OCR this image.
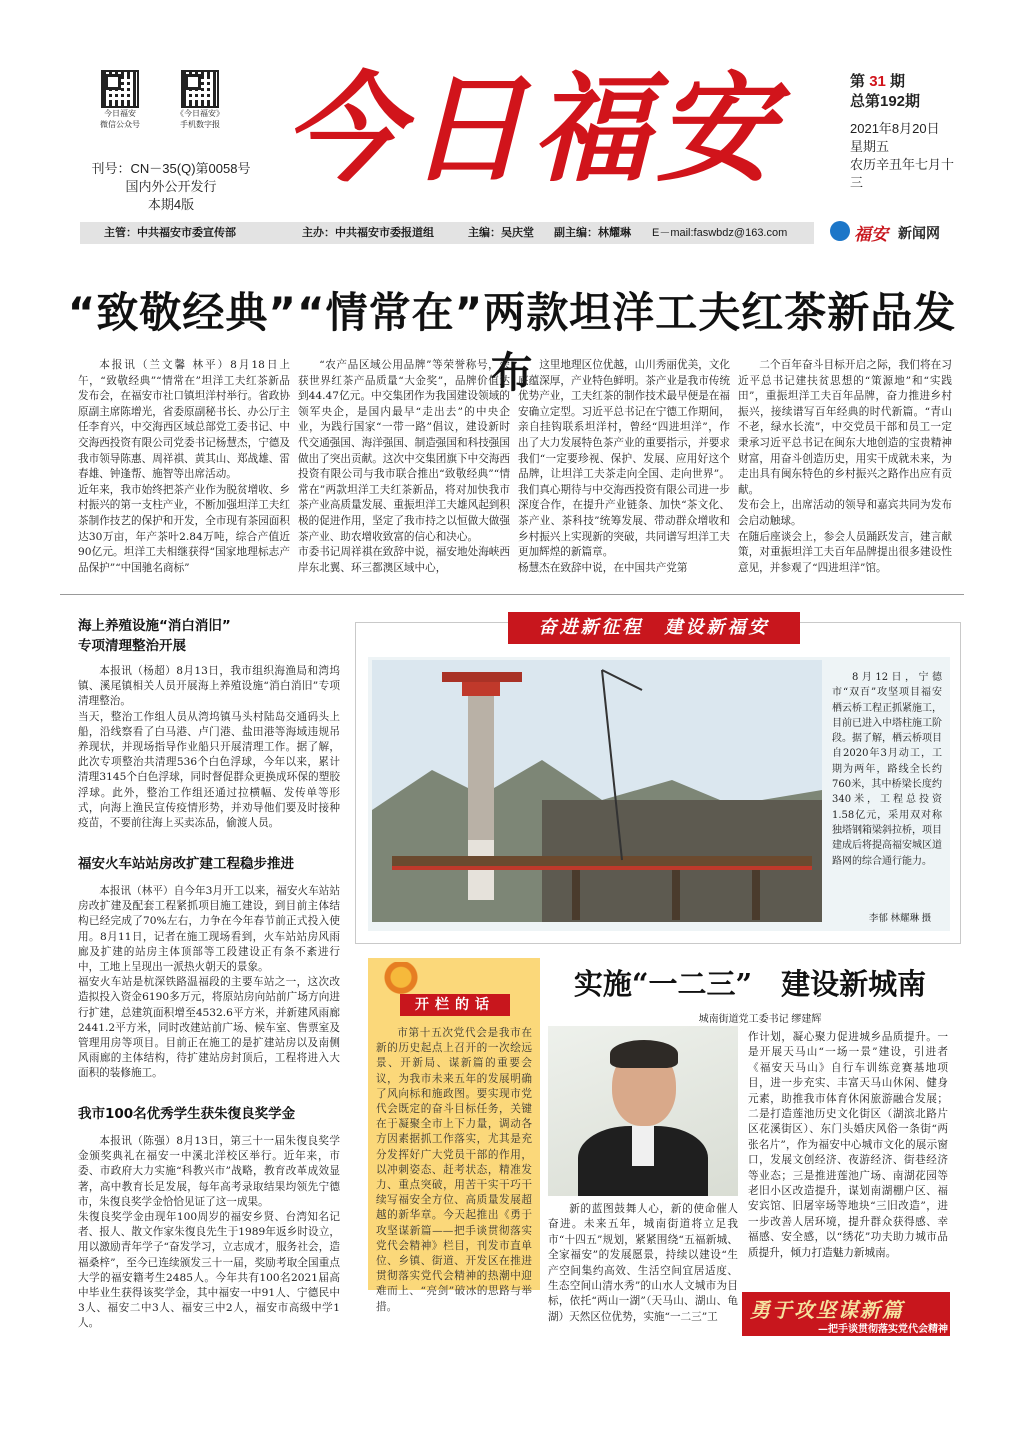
今日福安
微信公众号
《今日福安》
手机数字报
刊号：CN－35(Q)第0058号
国内外公开发行
本期4版
今日福安	第 31 期
总第192期
2021年8月20日
星期五
农历辛丑年七月十三
主管：中共福安市委宣传部	主办：中共福安市委报道组	主编：吴庆堂 副主编：林耀琳 E－mail:faswbdz@163.com	福安 新闻网
“致敬经典”“情常在”两款坦洋工夫红茶新品发布
本报讯（兰文馨 林平）8月18日上午，“致敬经典”“情常在”坦洋工夫红茶新品发布会，在福安市社口镇坦洋村举行。省政协原副主席陈增光，省委原副秘书长、办公厅主任李育兴，中交海西区域总部党工委书记、中交海西投资有限公司党委书记杨慧杰，宁德及我市领导陈惠、周祥祺、黄其山、郑战雄、雷春雄、钟逢帮、施智等出席活动。
近年来，我市始终把茶产业作为脱贫增收、乡村振兴的第一支柱产业，不断加强坦洋工夫红茶制作技艺的保护和开发，全市现有茶园面积达30万亩，年产茶叶2.84万吨，综合产值近90亿元。坦洋工夫相继获得“国家地理标志产品保护”“中国驰名商标”
“农产品区域公用品牌”等荣誉称号，荣获世界红茶产品质量“大金奖”，品牌价值达到44.47亿元。中交集团作为我国建设领域的领军央企，是国内最早“走出去”的中央企业，为践行国家“一带一路”倡议，建设新时代交通强国、海洋强国、制造强国和科技强国做出了突出贡献。这次中交集团旗下中交海西投资有限公司与我市联合推出“致敬经典”“情常在”两款坦洋工夫红茶新品，将对加快我市茶产业高质量发展、重振坦洋工夫雄风起到积极的促进作用，坚定了我市持之以恒做大做强茶产业、助农增收致富的信心和决心。
市委书记周祥祺在致辞中说，福安地处海峡西岸东北翼、环三都澳区域中心，
这里地理区位优越，山川秀丽优美，文化底蕴深厚，产业特色鲜明。茶产业是我市传统优势产业，工夫红茶的制作技术最早便是在福安确立定型。习近平总书记在宁德工作期间，亲自挂钩联系坦洋村，曾经“四进坦洋”，作出了大力发展特色茶产业的重要指示，并要求我们“一定要珍视、保护、发展、应用好这个品牌，让坦洋工夫茶走向全国、走向世界”。我们真心期待与中交海西投资有限公司进一步深度合作，在提升产业链条、加快“茶文化、茶产业、茶科技”统筹发展、带动群众增收和乡村振兴上实现新的突破，共同谱写坦洋工夫更加辉煌的新篇章。
杨慧杰在致辞中说，在中国共产党第
二个百年奋斗目标开启之际，我们将在习近平总书记建扶贫思想的“策源地”和“实践田”，重振坦洋工夫百年品牌，奋力推进乡村振兴，接续谱写百年经典的时代新篇。“青山不老，绿水长流”，中交党员干部和员工一定秉承习近平总书记在闽东大地创造的宝贵精神财富，用奋斗创造历史，用实干成就未来，为走出具有闽东特色的乡村振兴之路作出应有贡献。
发布会上，出席活动的领导和嘉宾共同为发布会启动触球。
在随后座谈会上，参会人员踊跃发言，建言献策，对重振坦洋工夫百年品牌提出很多建设性意见，并参观了“四进坦洋”馆。
海上养殖设施“消白消旧”
专项清理整治开展
本报讯（杨超）8月13日，我市组织海渔局和湾坞镇、溪尾镇相关人员开展海上养殖设施“消白消旧”专项清理整治。
当天，整治工作组人员从湾坞镇马头村陆岛交通码头上船，沿线察看了白马港、卢门港、盐田港等海域违规吊养现状，并现场指导作业船只开展清理工作。据了解，此次专项整治共清理536个白色浮球，今年以来，累计清理3145个白色浮球，同时督促群众更换成环保的塑胶浮球。此外，整治工作组还通过拉横幅、发传单等形式，向海上渔民宣传疫情形势，并劝导他们要及时接种疫苗，不要前往海上买卖冻品，偷渡人员。
福安火车站站房改扩建工程稳步推进
本报讯（林平）自今年3月开工以来，福安火车站站房改扩建及配套工程紧抓项目施工建设，到目前主体结构已经完成了70%左右，力争在今年春节前正式投入使用。8月11日，记者在施工现场看到，火车站站房风雨廊及扩建的站房主体顶部等工段建设正有条不紊进行中，工地上呈现出一派热火朝天的景象。
福安火车站是杭深铁路温福段的主要车站之一，这次改造拟投入资金6190多万元，将原站房向站前广场方向进行扩建，总建筑面积增至4532.6平方米，并新建风雨廊2441.2平方米，同时改建站前广场、候车室、售票室及管理用房等项目。目前正在施工的是扩建站房以及南侧风雨廊的主体结构，待扩建站房封顶后，工程将进入大面积的装修施工。
我市100名优秀学生获朱復良奖学金
本报讯（陈强）8月13日，第三十一届朱復良奖学金颁奖典礼在福安一中溪北洋校区举行。近年来，市委、市政府大力实施“科教兴市”战略，教育改革成效显著，高中教育长足发展，每年高考录取结果均领先宁德市，朱復良奖学金恰恰见证了这一成果。
朱復良奖学金由现年100周岁的福安乡贤、台湾知名记者、报人、散文作家朱復良先生于1989年返乡时设立，用以激励青年学子“奋发学习，立志成才，服务社会，造福桑梓”，至今已连续颁发三十一届，奖励考取全国重点大学的福安籍考生2485人。今年共有100名2021届高中毕业生获得该奖学金，其中福安一中91人、宁德民中3人、福安二中3人、福安三中2人，福安市高级中学1人。
奋进新征程　建设新福安
8月12日，宁德市“双百”攻坚项目福安栖云桥工程正抓紧施工，目前已进入中塔柱施工阶段。据了解，栖云桥项目自2020年3月动工，工期为两年，路线全长约760米，其中桥梁长度约340米，工程总投资1.58亿元，采用双对称独塔钢箱梁斜拉桥，项目建成后将提高福安城区道路网的综合通行能力。
李郁 林耀琳 摄
开栏的话
市第十五次党代会是我市在新的历史起点上召开的一次绘远景、开新局、谋新篇的重要会议，为我市未来五年的发展明确了风向标和施政图。要实现市党代会既定的奋斗目标任务，关键在于凝聚全市上下力量，调动各方因素据抓工作落实，尤其是充分发挥好广大党员干部的作用，以冲刺姿态、赶考状态，精准发力、重点突破，用苦干实干巧干续写福安全方位、高质量发展超越的新华章。今天起推出《勇于攻坚谋新篇——把手谈贯彻落实党代会精神》栏目，刊发市直单位、乡镇、街道、开发区在推进贯彻落实党代会精神的热潮中迎难而上、“亮剑”破冰的思路与举措。
实施“一二三”　建设新城南
城南街道党工委书记 缪建辉
新的蓝图鼓舞人心，新的使命催人奋进。未来五年，城南街道将立足我市“十四五”规划，紧紧围绕“五福新城、全家福安”的发展愿景，持续以建设“生产空间集约高效、生活空间宜居适度、生态空间山清水秀”的山水人文城市为目标，依托“两山一湖”（天马山、湖山、龟湖）天然区位优势，实施“一二三”工
作计划，凝心聚力促进城乡品质提升。一是开展天马山“一场一景”建设，引进者《福安天马山》自行车训练竞赛基地项目，进一步充实、丰富天马山休闲、健身元素，助推我市体育休闲旅游融合发展；二是打造莲池历史文化街区（湖滨北路片区花溪街区）、东门头婚庆风俗一条街“两张名片”，作为福安中心城市文化的展示窗口，发展文创经济、夜游经济、街巷经济等业态；三是推进莲池广场、南湖花园等老旧小区改造提升，谋划南湖棚户区、福安宾馆、旧屠宰场等地块“三旧改造”，进一步改善人居环境，提升群众获得感、幸福感、安全感，以“绣花”功夫助力城市品质提升，倾力打造魅力新城南。
勇于攻坚谋新篇
—把手谈贯彻落实党代会精神
